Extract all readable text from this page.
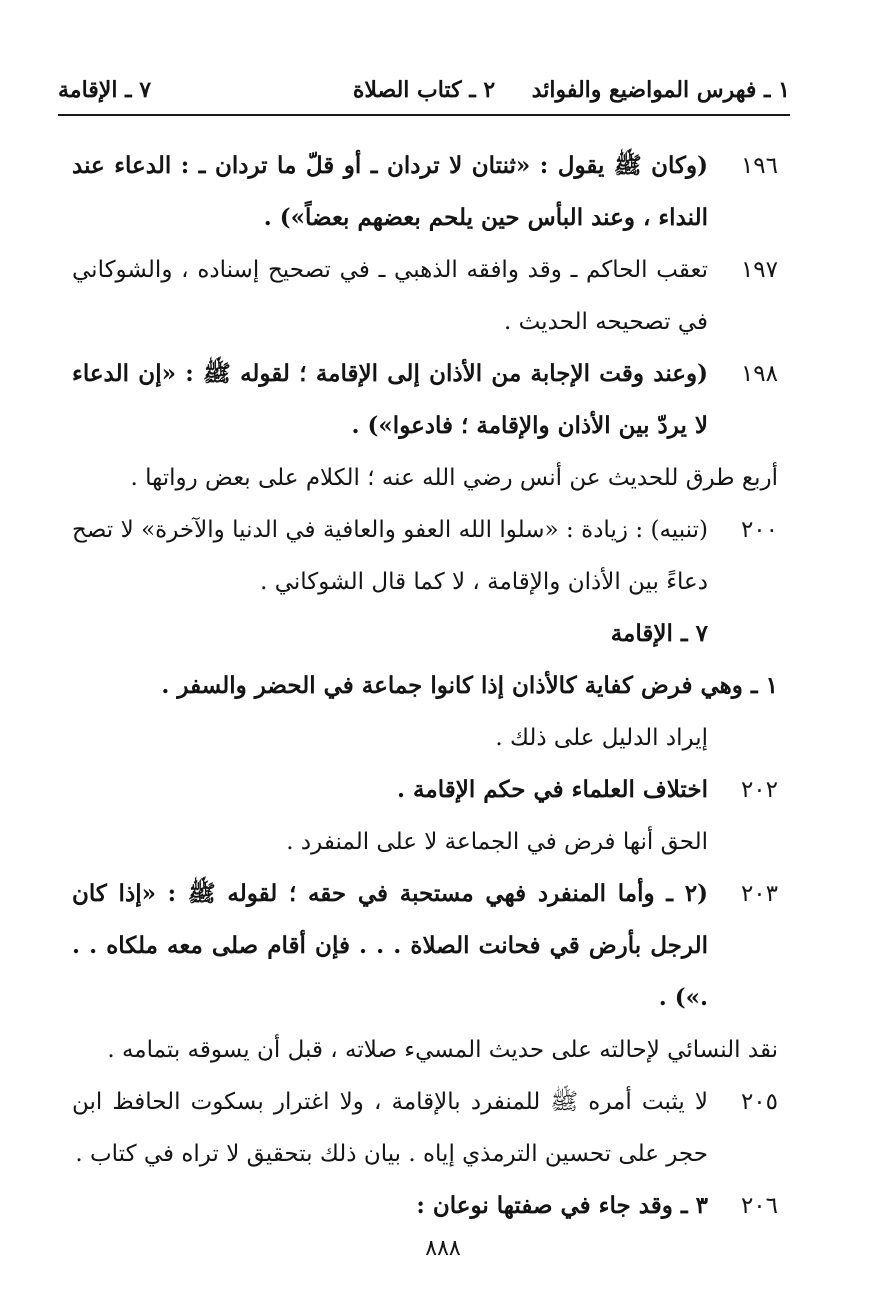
١ ـ فهرس المواضيع والفوائد
٢ ـ كتاب الصلاة
٧ ـ الإقامة
١٩٦

(وكان ﷺ يقول : «ثنتان لا تردان ـ أو قلّ ما تردان ـ : الدعاء عند النداء ، وعند البأس حين يلحم بعضهم بعضاً») .

١٩٧

تعقب الحاكم ـ وقد وافقه الذهبي ـ في تصحيح إسناده ، والشوكاني في تصحيحه الحديث .

١٩٨

(وعند وقت الإجابة من الأذان إلى الإقامة ؛ لقوله ﷺ : «إن الدعاء لا يردّ بين الأذان والإقامة ؛ فادعوا») .

أربع طرق للحديث عن أنس رضي الله عنه ؛ الكلام على بعض رواتها .

٢٠٠

(تنبيه) : زيادة : «سلوا الله العفو والعافية في الدنيا والآخرة» لا تصح دعاءً بين الأذان والإقامة ، لا كما قال الشوكاني .

٧ ـ الإقامة

١ ـ وهي فرض كفاية كالأذان إذا كانوا جماعة في الحضر والسفر .

إيراد الدليل على ذلك .

٢٠٢

اختلاف العلماء في حكم الإقامة .

الحق أنها فرض في الجماعة لا على المنفرد .

٢٠٣

(٢ ـ وأما المنفرد فهي مستحبة في حقه ؛ لقوله ﷺ : «إذا كان الرجل بأرض قي فحانت الصلاة . . . فإن أقام صلى معه ملكاه . . .») .

نقد النسائي لإحالته على حديث المسيء صلاته ، قبل أن يسوقه بتمامه .

٢٠٥

لا يثبت أمره ﷺ للمنفرد بالإقامة ، ولا اغترار بسكوت الحافظ ابن حجر على تحسين الترمذي إياه . بيان ذلك بتحقيق لا تراه في كتاب .

٢٠٦

٣ ـ وقد جاء في صفتها نوعان :

٨٨٨
